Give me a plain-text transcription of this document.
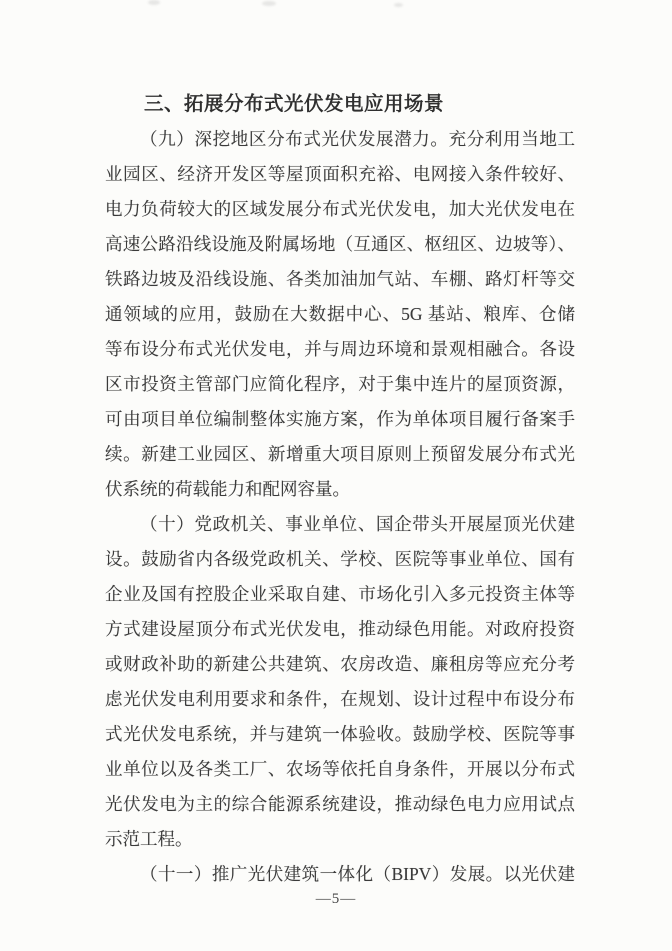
三、拓展分布式光伏发电应用场景
（九）深挖地区分布式光伏发展潜力。充分利用当地工
业园区、经济开发区等屋顶面积充裕、电网接入条件较好、
电力负荷较大的区域发展分布式光伏发电，加大光伏发电在
高速公路沿线设施及附属场地（互通区、枢纽区、边坡等）、
铁路边坡及沿线设施、各类加油加气站、车棚、路灯杆等交
通领域的应用，鼓励在大数据中心、5G 基站、粮库、仓储
等布设分布式光伏发电，并与周边环境和景观相融合。各设
区市投资主管部门应简化程序，对于集中连片的屋顶资源，
可由项目单位编制整体实施方案，作为单体项目履行备案手
续。新建工业园区、新增重大项目原则上预留发展分布式光
伏系统的荷载能力和配网容量。
（十）党政机关、事业单位、国企带头开展屋顶光伏建
设。鼓励省内各级党政机关、学校、医院等事业单位、国有
企业及国有控股企业采取自建、市场化引入多元投资主体等
方式建设屋顶分布式光伏发电，推动绿色用能。对政府投资
或财政补助的新建公共建筑、农房改造、廉租房等应充分考
虑光伏发电利用要求和条件，在规划、设计过程中布设分布
式光伏发电系统，并与建筑一体验收。鼓励学校、医院等事
业单位以及各类工厂、农场等依托自身条件，开展以分布式
光伏发电为主的综合能源系统建设，推动绿色电力应用试点
示范工程。
（十一）推广光伏建筑一体化（BIPV）发展。以光伏建
—5—
